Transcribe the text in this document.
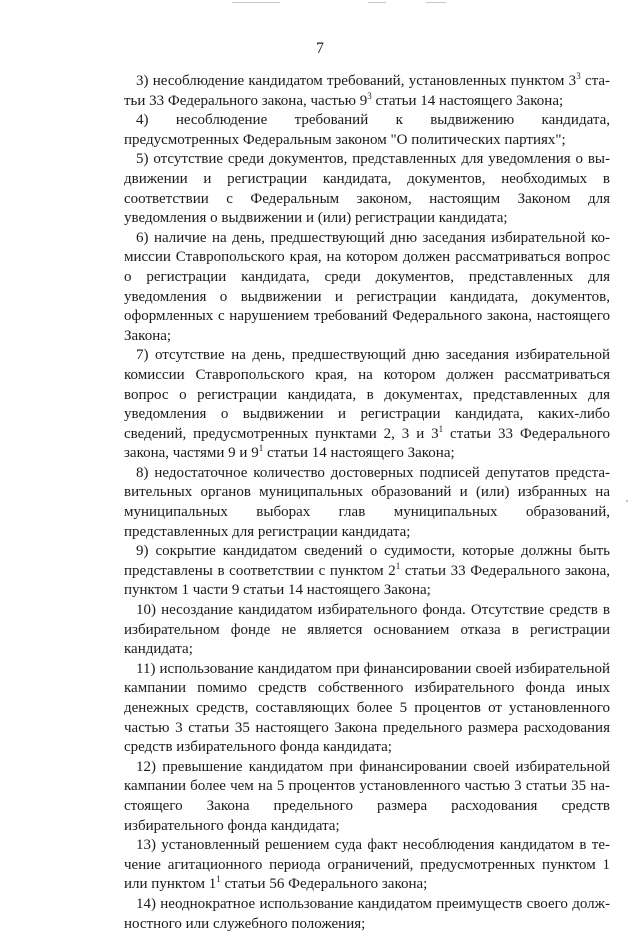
7

3) несоблюдение кандидатом требований, установленных пунктом $3^3$ статьи 33 Федерального закона, частью $9^3$ статьи 14 настоящего Закона;

4) несоблюдение требований к выдвижению кандидата, предусмотренных Федеральным законом "О политических партиях";

5) отсутствие среди документов, представленных для уведомления о выдвижении и регистрации кандидата, документов, необходимых в соответствии с Федеральным законом, настоящим Законом для уведомления о выдвижении и (или) регистрации кандидата;

6) наличие на день, предшествующий дню заседания избирательной комиссии Ставропольского края, на котором должен рассматриваться вопрос о регистрации кандидата, среди документов, представленных для уведомления о выдвижении и регистрации кандидата, документов, оформленных с нарушением требований Федерального закона, настоящего Закона;

7) отсутствие на день, предшествующий дню заседания избирательной комиссии Ставропольского края, на котором должен рассматриваться вопрос о регистрации кандидата, в документах, представленных для уведомления о выдвижении и регистрации кандидата, каких-либо сведений, предусмотренных пунктами 2, 3 и $3^1$ статьи 33 Федерального закона, частями 9 и $9^1$ статьи 14 настоящего Закона;

8) недостаточное количество достоверных подписей депутатов представительных органов муниципальных образований и (или) избранных на муниципальных выборах глав муниципальных образований, представленных для регистрации кандидата;

9) сокрытие кандидатом сведений о судимости, которые должны быть представлены в соответствии с пунктом $2^1$ статьи 33 Федерального закона, пунктом 1 части 9 статьи 14 настоящего Закона;

10) несоздание кандидатом избирательного фонда. Отсутствие средств в избирательном фонде не является основанием отказа в регистрации кандидата;

11) использование кандидатом при финансировании своей избирательной кампании помимо средств собственного избирательного фонда иных денежных средств, составляющих более 5 процентов от установленного частью 3 статьи 35 настоящего Закона предельного размера расходования средств избирательного фонда кандидата;

12) превышение кандидатом при финансировании своей избирательной кампании более чем на 5 процентов установленного частью 3 статьи 35 настоящего Закона предельного размера расходования средств избирательного фонда кандидата;

13) установленный решением суда факт несоблюдения кандидатом в течение агитационного периода ограничений, предусмотренных пунктом 1 или пунктом $1^1$ статьи 56 Федерального закона;

14) неоднократное использование кандидатом преимуществ своего должностного или служебного положения;
